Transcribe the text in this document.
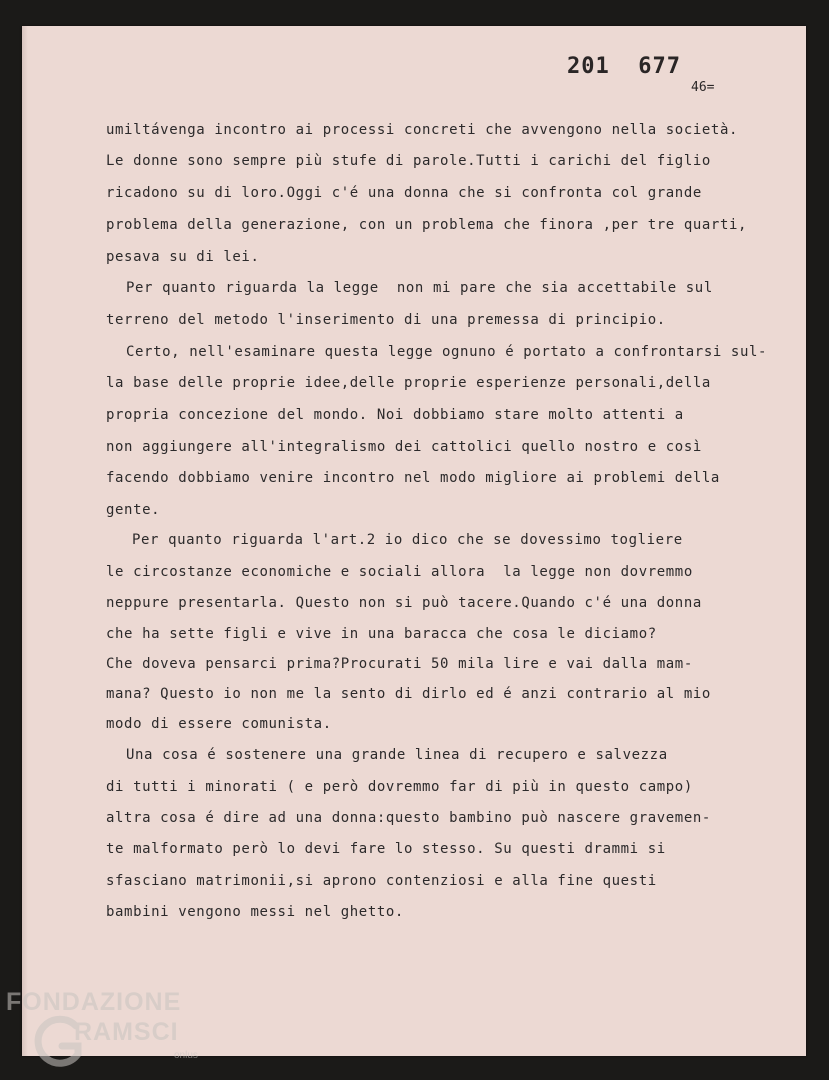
201  677
46=
umiltávenga incontro ai processi concreti che avvengono nella società.
Le donne sono sempre più stufe di parole.Tutti i carichi del figlio
ricadono su di loro.Oggi c'é una donna che si confronta col grande
problema della generazione, con un problema che finora ,per tre quarti,
pesava su di lei.
Per quanto riguarda la legge  non mi pare che sia accettabile sul
terreno del metodo l'inserimento di una premessa di principio.
Certo, nell'esaminare questa legge ognuno é portato a confrontarsi sul-
la base delle proprie idee,delle proprie esperienze personali,della
propria concezione del mondo. Noi dobbiamo stare molto attenti a
non aggiungere all'integralismo dei cattolici quello nostro e così
facendo dobbiamo venire incontro nel modo migliore ai problemi della
gente.
Per quanto riguarda l'art.2 io dico che se dovessimo togliere
le circostanze economiche e sociali allora  la legge non dovremmo
neppure presentarla. Questo non si può tacere.Quando c'é una donna
che ha sette figli e vive in una baracca che cosa le diciamo?
Che doveva pensarci prima?Procurati 50 mila lire e vai dalla mam-
mana? Questo io non me la sento di dirlo ed é anzi contrario al mio
modo di essere comunista.
Una cosa é sostenere una grande linea di recupero e salvezza
di tutti i minorati ( e però dovremmo far di più in questo campo)
altra cosa é dire ad una donna:questo bambino può nascere gravemen-
te malformato però lo devi fare lo stesso. Su questi drammi si
sfasciano matrimonii,si aprono contenziosi e alla fine questi
bambini vengono messi nel ghetto.
FONDAZIONE
RAMSCI
onlus
